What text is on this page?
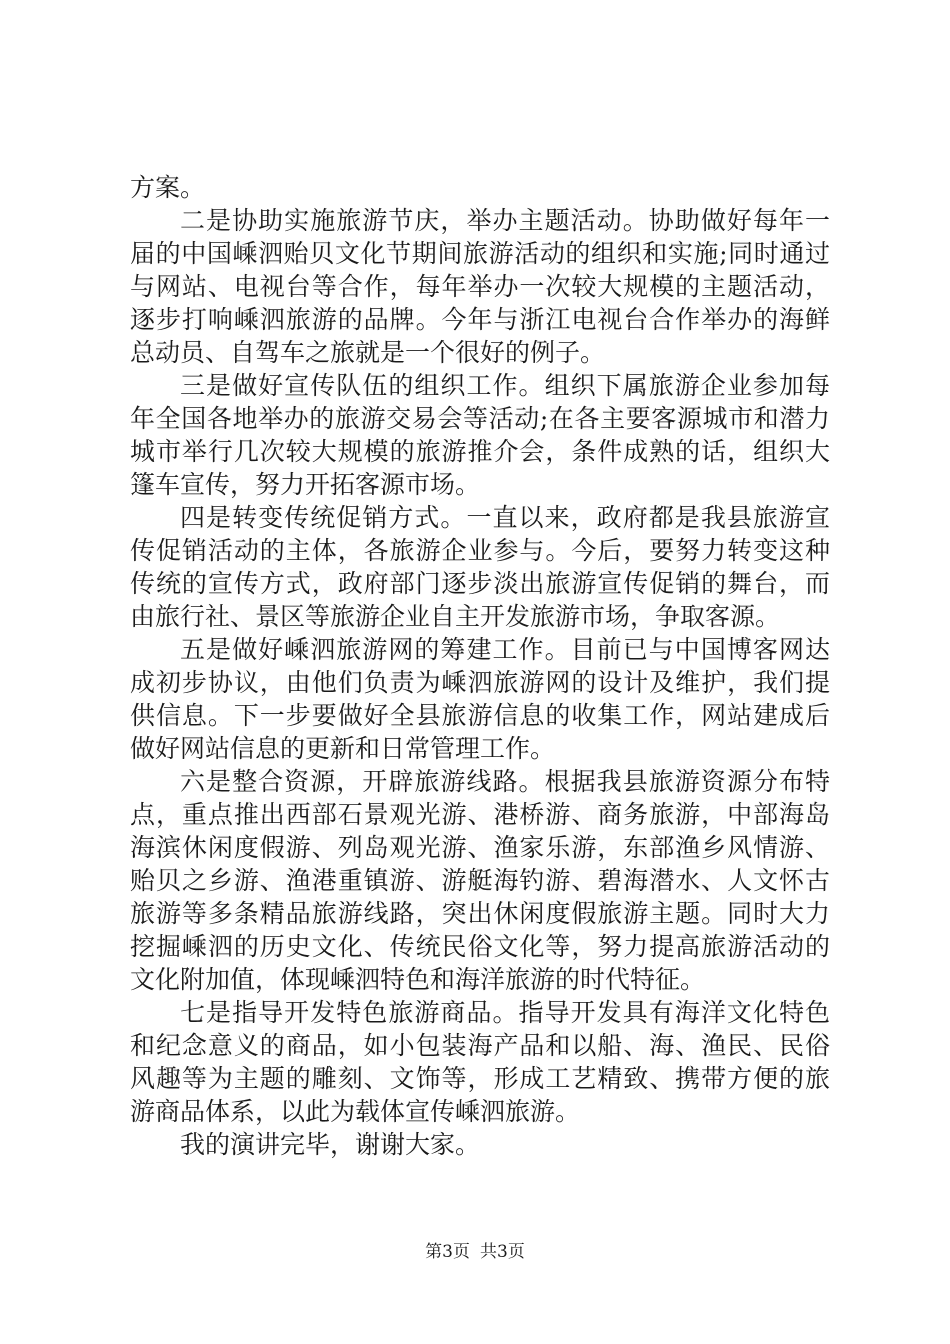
方案。
二是协助实施旅游节庆，举办主题活动。协助做好每年一
届的中国嵊泗贻贝文化节期间旅游活动的组织和实施;同时通过
与网站、电视台等合作，每年举办一次较大规模的主题活动，
逐步打响嵊泗旅游的品牌。今年与浙江电视台合作举办的海鲜
总动员、自驾车之旅就是一个很好的例子。
三是做好宣传队伍的组织工作。组织下属旅游企业参加每
年全国各地举办的旅游交易会等活动;在各主要客源城市和潜力
城市举行几次较大规模的旅游推介会，条件成熟的话，组织大
篷车宣传，努力开拓客源市场。
四是转变传统促销方式。一直以来，政府都是我县旅游宣
传促销活动的主体，各旅游企业参与。今后，要努力转变这种
传统的宣传方式，政府部门逐步淡出旅游宣传促销的舞台，而
由旅行社、景区等旅游企业自主开发旅游市场，争取客源。
五是做好嵊泗旅游网的筹建工作。目前已与中国博客网达
成初步协议，由他们负责为嵊泗旅游网的设计及维护，我们提
供信息。下一步要做好全县旅游信息的收集工作，网站建成后
做好网站信息的更新和日常管理工作。
六是整合资源，开辟旅游线路。根据我县旅游资源分布特
点，重点推出西部石景观光游、港桥游、商务旅游，中部海岛
海滨休闲度假游、列岛观光游、渔家乐游，东部渔乡风情游、
贻贝之乡游、渔港重镇游、游艇海钓游、碧海潜水、人文怀古
旅游等多条精品旅游线路，突出休闲度假旅游主题。同时大力
挖掘嵊泗的历史文化、传统民俗文化等，努力提高旅游活动的
文化附加值，体现嵊泗特色和海洋旅游的时代特征。
七是指导开发特色旅游商品。指导开发具有海洋文化特色
和纪念意义的商品，如小包装海产品和以船、海、渔民、民俗
风趣等为主题的雕刻、文饰等，形成工艺精致、携带方便的旅
游商品体系，以此为载体宣传嵊泗旅游。
我的演讲完毕，谢谢大家。
第3页 共3页
